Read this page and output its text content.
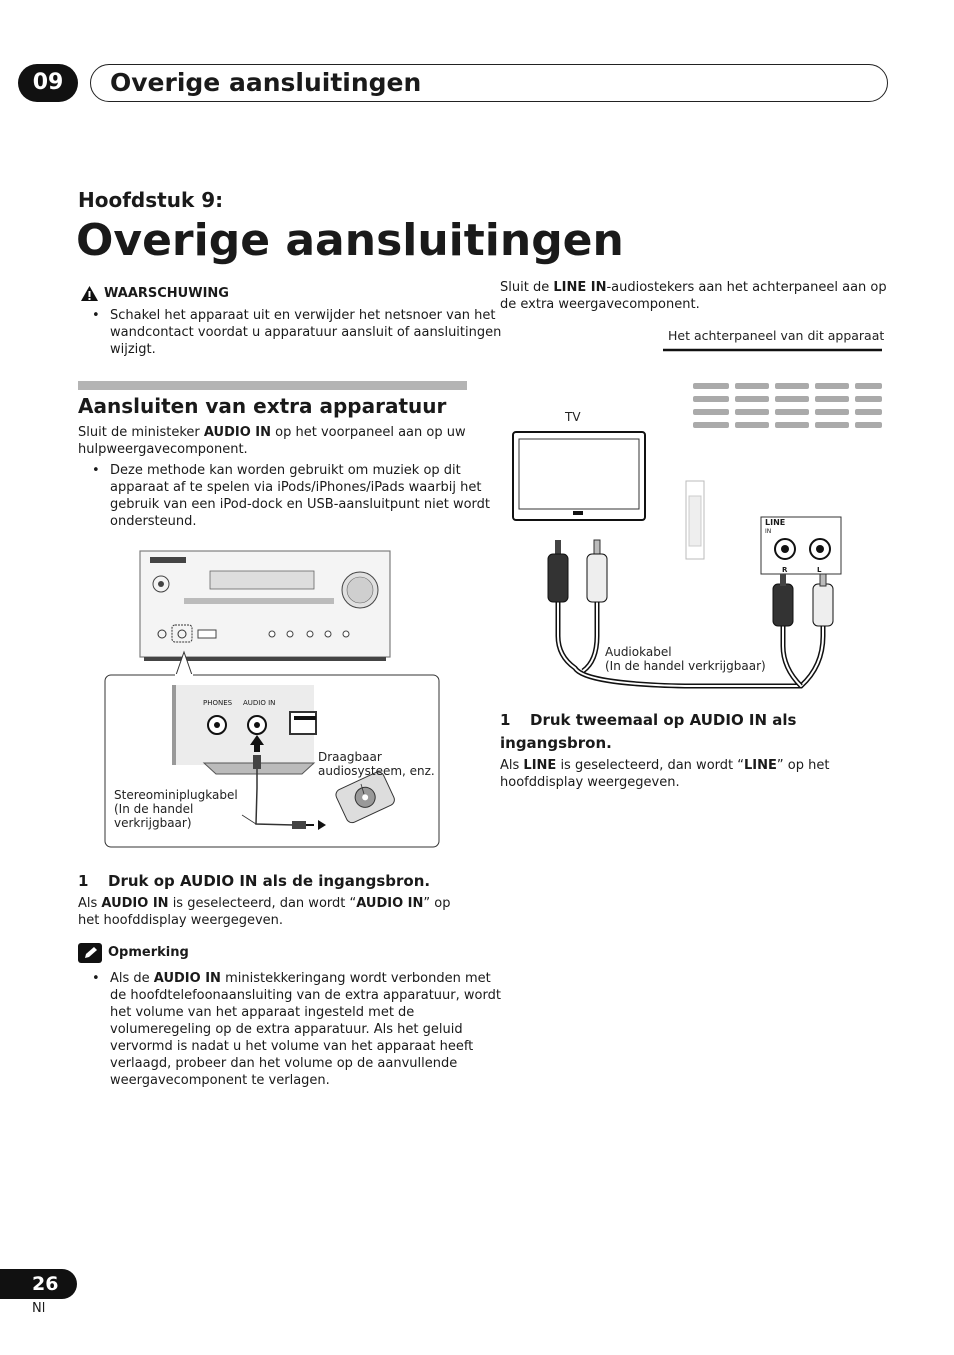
09	Overige aansluitingen
Hoofdstuk 9:
Overige aansluitingen
WAARSCHUWING
• Schakel het apparaat uit en verwijder het netsnoer van het wandcontact voordat u apparatuur aansluit of aansluitingen wijzigt.
Aansluiten van extra apparatuur
Sluit de ministeker AUDIO IN op het voorpaneel aan op uw hulpweergavecomponent.
• Deze methode kan worden gebruikt om muziek op dit apparaat af te spelen via iPods/iPhones/iPads waarbij het gebruik van een iPod-dock en USB-aansluitpunt niet wordt ondersteund.
PHONES AUDIO IN
Draagbaar audiosysteem, enz.
Stereominiplugkabel (In de handel verkrijgbaar)
1 Druk op AUDIO IN als de ingangsbron.
Als AUDIO IN is geselecteerd, dan wordt “AUDIO IN” op het hoofddisplay weergegeven.
Opmerking
• Als de AUDIO IN ministekkeringang wordt verbonden met de hoofdtelefoonaansluiting van de extra apparatuur, wordt het volume van het apparaat ingesteld met de volumeregeling op de extra apparatuur. Als het geluid vervormd is nadat u het volume van het apparaat heeft verlaagd, probeer dan het volume op de aanvullende weergavecomponent te verlagen.
Sluit de LINE IN-audiostekers aan het achterpaneel aan op de extra weergavecomponent.
Het achterpaneel van dit apparaat
TV
LINE
IN
R	L
Audiokabel
(In de handel verkrijgbaar)
1 Druk tweemaal op AUDIO IN als ingangsbron.
Als LINE is geselecteerd, dan wordt “LINE” op het hoofddisplay weergegeven.
26
Nl
